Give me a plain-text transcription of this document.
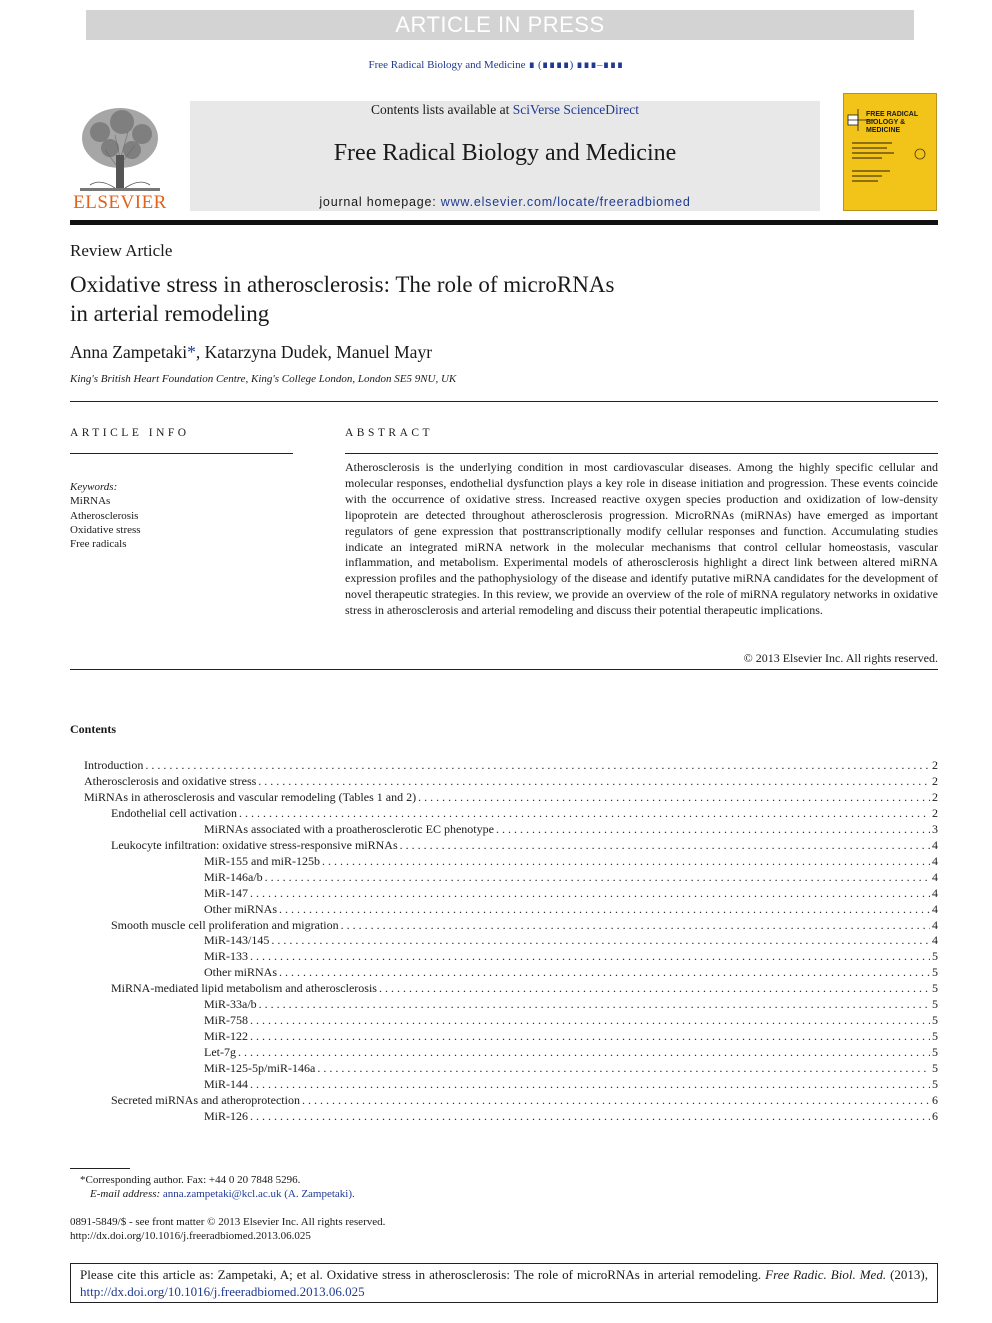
ARTICLE IN PRESS
Free Radical Biology and Medicine ∎ (∎∎∎∎) ∎∎∎–∎∎∎
ELSEVIER
Contents lists available at SciVerse ScienceDirect
Free Radical Biology and Medicine
journal homepage: www.elsevier.com/locate/freeradbiomed
FREE RADICAL BIOLOGY & MEDICINE
Review Article
Oxidative stress in atherosclerosis: The role of microRNAs
in arterial remodeling
Anna Zampetaki*, Katarzyna Dudek, Manuel Mayr
King's British Heart Foundation Centre, King's College London, London SE5 9NU, UK
ARTICLE INFO
Keywords:
MiRNAs
Atherosclerosis
Oxidative stress
Free radicals
ABSTRACT
Atherosclerosis is the underlying condition in most cardiovascular diseases. Among the highly specific cellular and molecular responses, endothelial dysfunction plays a key role in disease initiation and progression. These events coincide with the occurrence of oxidative stress. Increased reactive oxygen species production and oxidization of low-density lipoprotein are detected throughout atherosclerosis progression. MicroRNAs (miRNAs) have emerged as important regulators of gene expression that posttranscriptionally modify cellular responses and function. Accumulating studies indicate an integrated miRNA network in the molecular mechanisms that control cellular homeostasis, vascular inflammation, and metabolism. Experimental models of atherosclerosis highlight a direct link between altered miRNA expression profiles and the pathophysiology of the disease and identify putative miRNA candidates for the development of novel therapeutic strategies. In this review, we provide an overview of the role of miRNA regulatory networks in oxidative stress in atherosclerosis and arterial remodeling and discuss their potential therapeutic implications.
© 2013 Elsevier Inc. All rights reserved.
Contents
Introduction . . .	2
Atherosclerosis and oxidative stress . . .	2
MiRNAs in atherosclerosis and vascular remodeling (Tables 1 and 2) . . .	2
Endothelial cell activation . . .	2
MiRNAs associated with a proatherosclerotic EC phenotype . . .	3
Leukocyte infiltration: oxidative stress-responsive miRNAs . . .	4
MiR-155 and miR-125b . . .	4
MiR-146a/b . . .	4
MiR-147 . . .	4
Other miRNAs . . .	4
Smooth muscle cell proliferation and migration . . .	4
MiR-143/145 . . .	4
MiR-133 . . .	5
Other miRNAs . . .	5
MiRNA-mediated lipid metabolism and atherosclerosis . . .	5
MiR-33a/b . . .	5
MiR-758 . . .	5
MiR-122 . . .	5
Let-7g . . .	5
MiR-125-5p/miR-146a . . .	5
MiR-144 . . .	5
Secreted miRNAs and atheroprotection . . .	6
MiR-126 . . .	6
*Corresponding author. Fax: +44 0 20 7848 5296.
E-mail address: anna.zampetaki@kcl.ac.uk (A. Zampetaki).
0891-5849/$ - see front matter © 2013 Elsevier Inc. All rights reserved.
http://dx.doi.org/10.1016/j.freeradbiomed.2013.06.025
Please cite this article as: Zampetaki, A; et al. Oxidative stress in atherosclerosis: The role of microRNAs in arterial remodeling. Free Radic. Biol. Med. (2013), http://dx.doi.org/10.1016/j.freeradbiomed.2013.06.025
